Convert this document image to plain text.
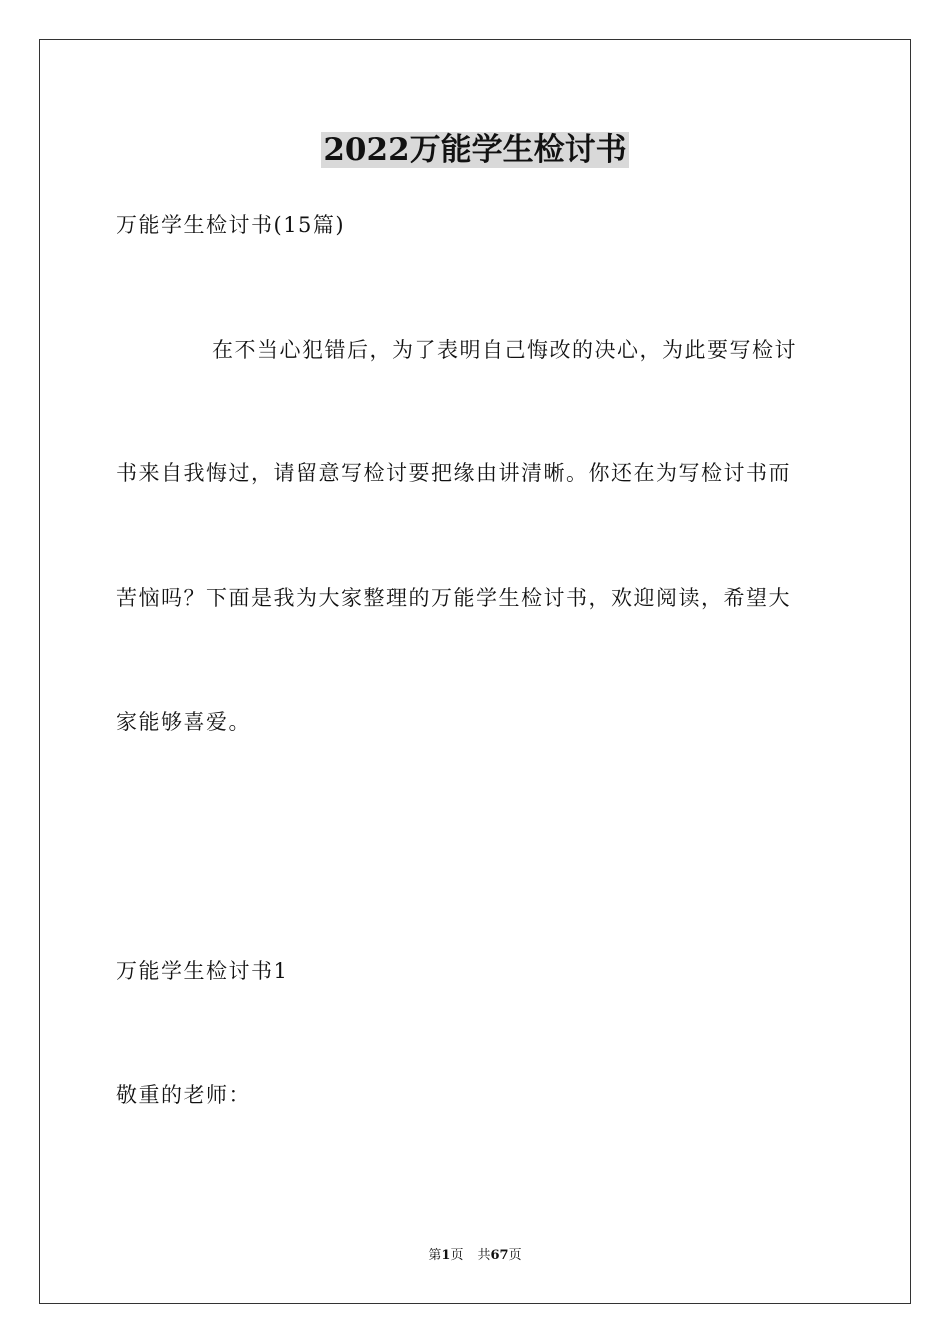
2022万能学生检讨书
万能学生检讨书(15篇)
在不当心犯错后，为了表明自己悔改的决心，为此要写检讨
书来自我悔过，请留意写检讨要把缘由讲清晰。你还在为写检讨书而
苦恼吗？下面是我为大家整理的万能学生检讨书，欢迎阅读，希望大
家能够喜爱。
万能学生检讨书1
敬重的老师：
第1页 共67页
